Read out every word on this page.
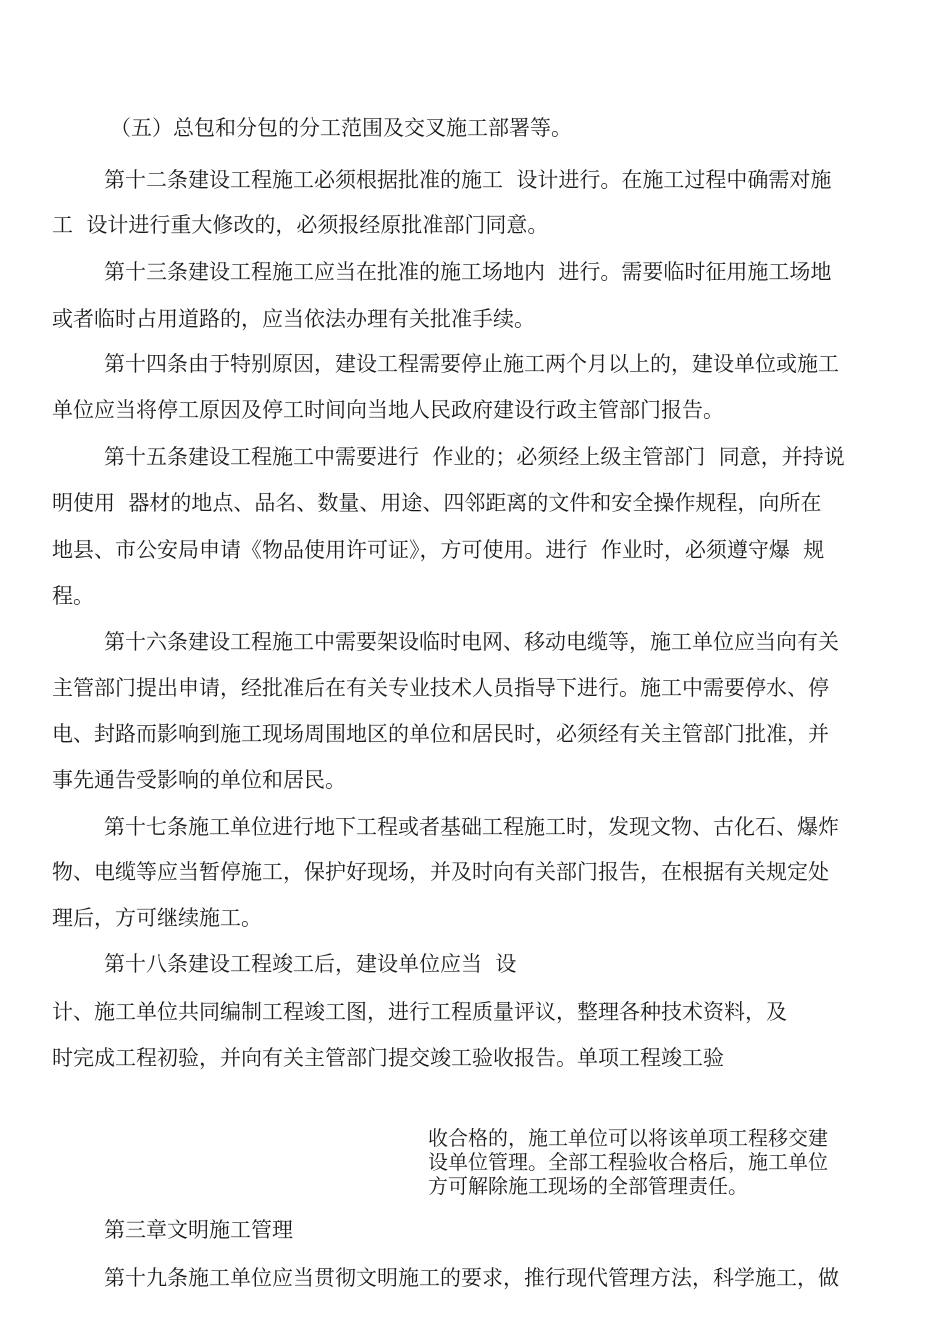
（五）总包和分包的分工范围及交叉施工部署等。

第十二条建设工程施工必须根据批准的施工  设计进行。在施工过程中确需对施

工  设计进行重大修改的，必须报经原批准部门同意。

第十三条建设工程施工应当在批准的施工场地内  进行。需要临时征用施工场地

或者临时占用道路的，应当依法办理有关批准手续。

第十四条由于特别原因，建设工程需要停止施工两个月以上的，建设单位或施工

单位应当将停工原因及停工时间向当地人民政府建设行政主管部门报告。

第十五条建设工程施工中需要进行  作业的；必须经上级主管部门  同意，并持说

明使用  器材的地点、品名、数量、用途、四邻距离的文件和安全操作规程，向所在

地县、市公安局申请《物品使用许可证》，方可使用。进行  作业时，必须遵守爆  规

程。

第十六条建设工程施工中需要架设临时电网、移动电缆等，施工单位应当向有关

主管部门提出申请，经批准后在有关专业技术人员指导下进行。施工中需要停水、停

电、封路而影响到施工现场周围地区的单位和居民时，必须经有关主管部门批准，并

事先通告受影响的单位和居民。

第十七条施工单位进行地下工程或者基础工程施工时，发现文物、古化石、爆炸

物、电缆等应当暂停施工，保护好现场，并及时向有关部门报告，在根据有关规定处

理后，方可继续施工。

第十八条建设工程竣工后，建设单位应当  设

计、施工单位共同编制工程竣工图，进行工程质量评议，整理各种技术资料，及

时完成工程初验，并向有关主管部门提交竣工验收报告。单项工程竣工验

收合格的，施工单位可以将该单项工程移交建
设单位管理。全部工程验收合格后，施工单位
方可解除施工现场的全部管理责任。

第三章文明施工管理

第十九条施工单位应当贯彻文明施工的要求，推行现代管理方法，科学施工，做
